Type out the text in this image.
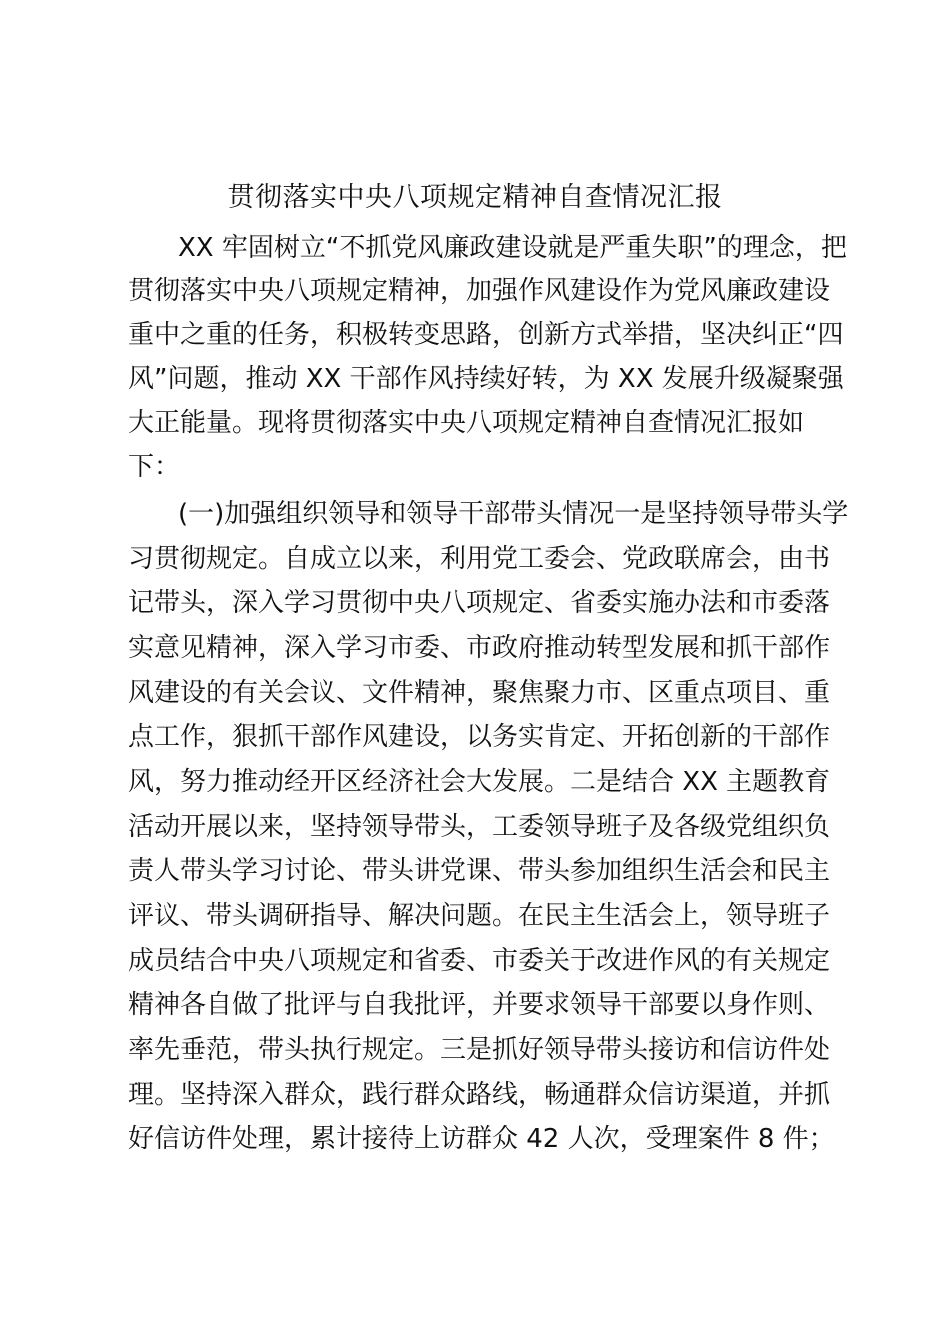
贯彻落实中央八项规定精神自查情况汇报

XX 牢固树立“不抓党风廉政建设就是严重失职”的理念，把

贯彻落实中央八项规定精神，加强作风建设作为党风廉政建设

重中之重的任务，积极转变思路，创新方式举措，坚决纠正“四

风”问题，推动 XX 干部作风持续好转，为 XX 发展升级凝聚强

大正能量。现将贯彻落实中央八项规定精神自查情况汇报如

下：

(一)加强组织领导和领导干部带头情况一是坚持领导带头学

习贯彻规定。自成立以来，利用党工委会、党政联席会，由书

记带头，深入学习贯彻中央八项规定、省委实施办法和市委落

实意见精神，深入学习市委、市政府推动转型发展和抓干部作

风建设的有关会议、文件精神，聚焦聚力市、区重点项目、重

点工作，狠抓干部作风建设，以务实肯定、开拓创新的干部作

风，努力推动经开区经济社会大发展。二是结合 XX 主题教育

活动开展以来，坚持领导带头，工委领导班子及各级党组织负

责人带头学习讨论、带头讲党课、带头参加组织生活会和民主

评议、带头调研指导、解决问题。在民主生活会上，领导班子

成员结合中央八项规定和省委、市委关于改进作风的有关规定

精神各自做了批评与自我批评，并要求领导干部要以身作则、

率先垂范，带头执行规定。三是抓好领导带头接访和信访件处

理。坚持深入群众，践行群众路线，畅通群众信访渠道，并抓

好信访件处理，累计接待上访群众 42 人次，受理案件 8 件；
